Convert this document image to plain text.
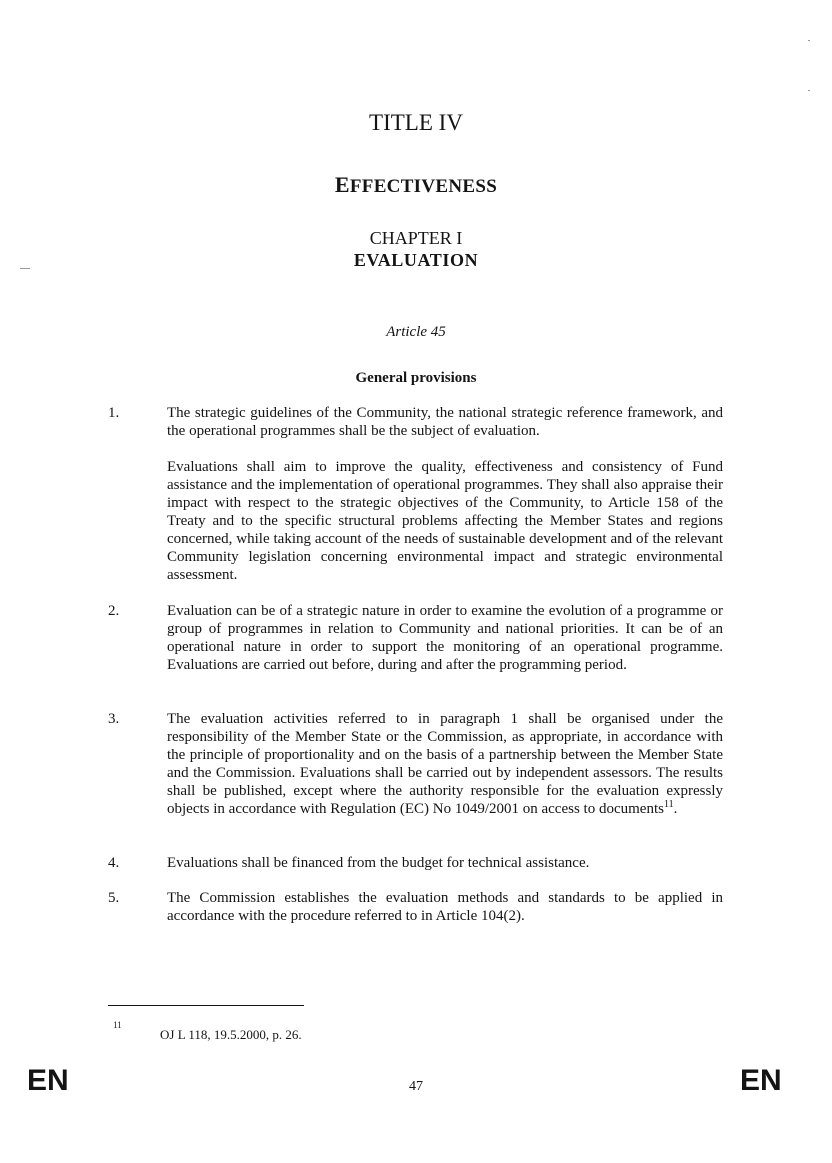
TITLE IV
EFFECTIVENESS
CHAPTER I
EVALUATION
Article 45
General provisions
1.	The strategic guidelines of the Community, the national strategic reference framework, and the operational programmes shall be the subject of evaluation.
Evaluations shall aim to improve the quality, effectiveness and consistency of Fund assistance and the implementation of operational programmes. They shall also appraise their impact with respect to the strategic objectives of the Community, to Article 158 of the Treaty and to the specific structural problems affecting the Member States and regions concerned, while taking account of the needs of sustainable development and of the relevant Community legislation concerning environmental impact and strategic environmental assessment.
2.	Evaluation can be of a strategic nature in order to examine the evolution of a programme or group of programmes in relation to Community and national priorities. It can be of an operational nature in order to support the monitoring of an operational programme. Evaluations are carried out before, during and after the programming period.
3.	The evaluation activities referred to in paragraph 1 shall be organised under the responsibility of the Member State or the Commission, as appropriate, in accordance with the principle of proportionality and on the basis of a partnership between the Member State and the Commission. Evaluations shall be carried out by independent assessors. The results shall be published, except where the authority responsible for the evaluation expressly objects in accordance with Regulation (EC) No 1049/2001 on access to documents$^{11}$.
4.	Evaluations shall be financed from the budget for technical assistance.
5.	The Commission establishes the evaluation methods and standards to be applied in accordance with the procedure referred to in Article 104(2).
11
OJ L 118, 19.5.2000, p. 26.
EN	47	EN
